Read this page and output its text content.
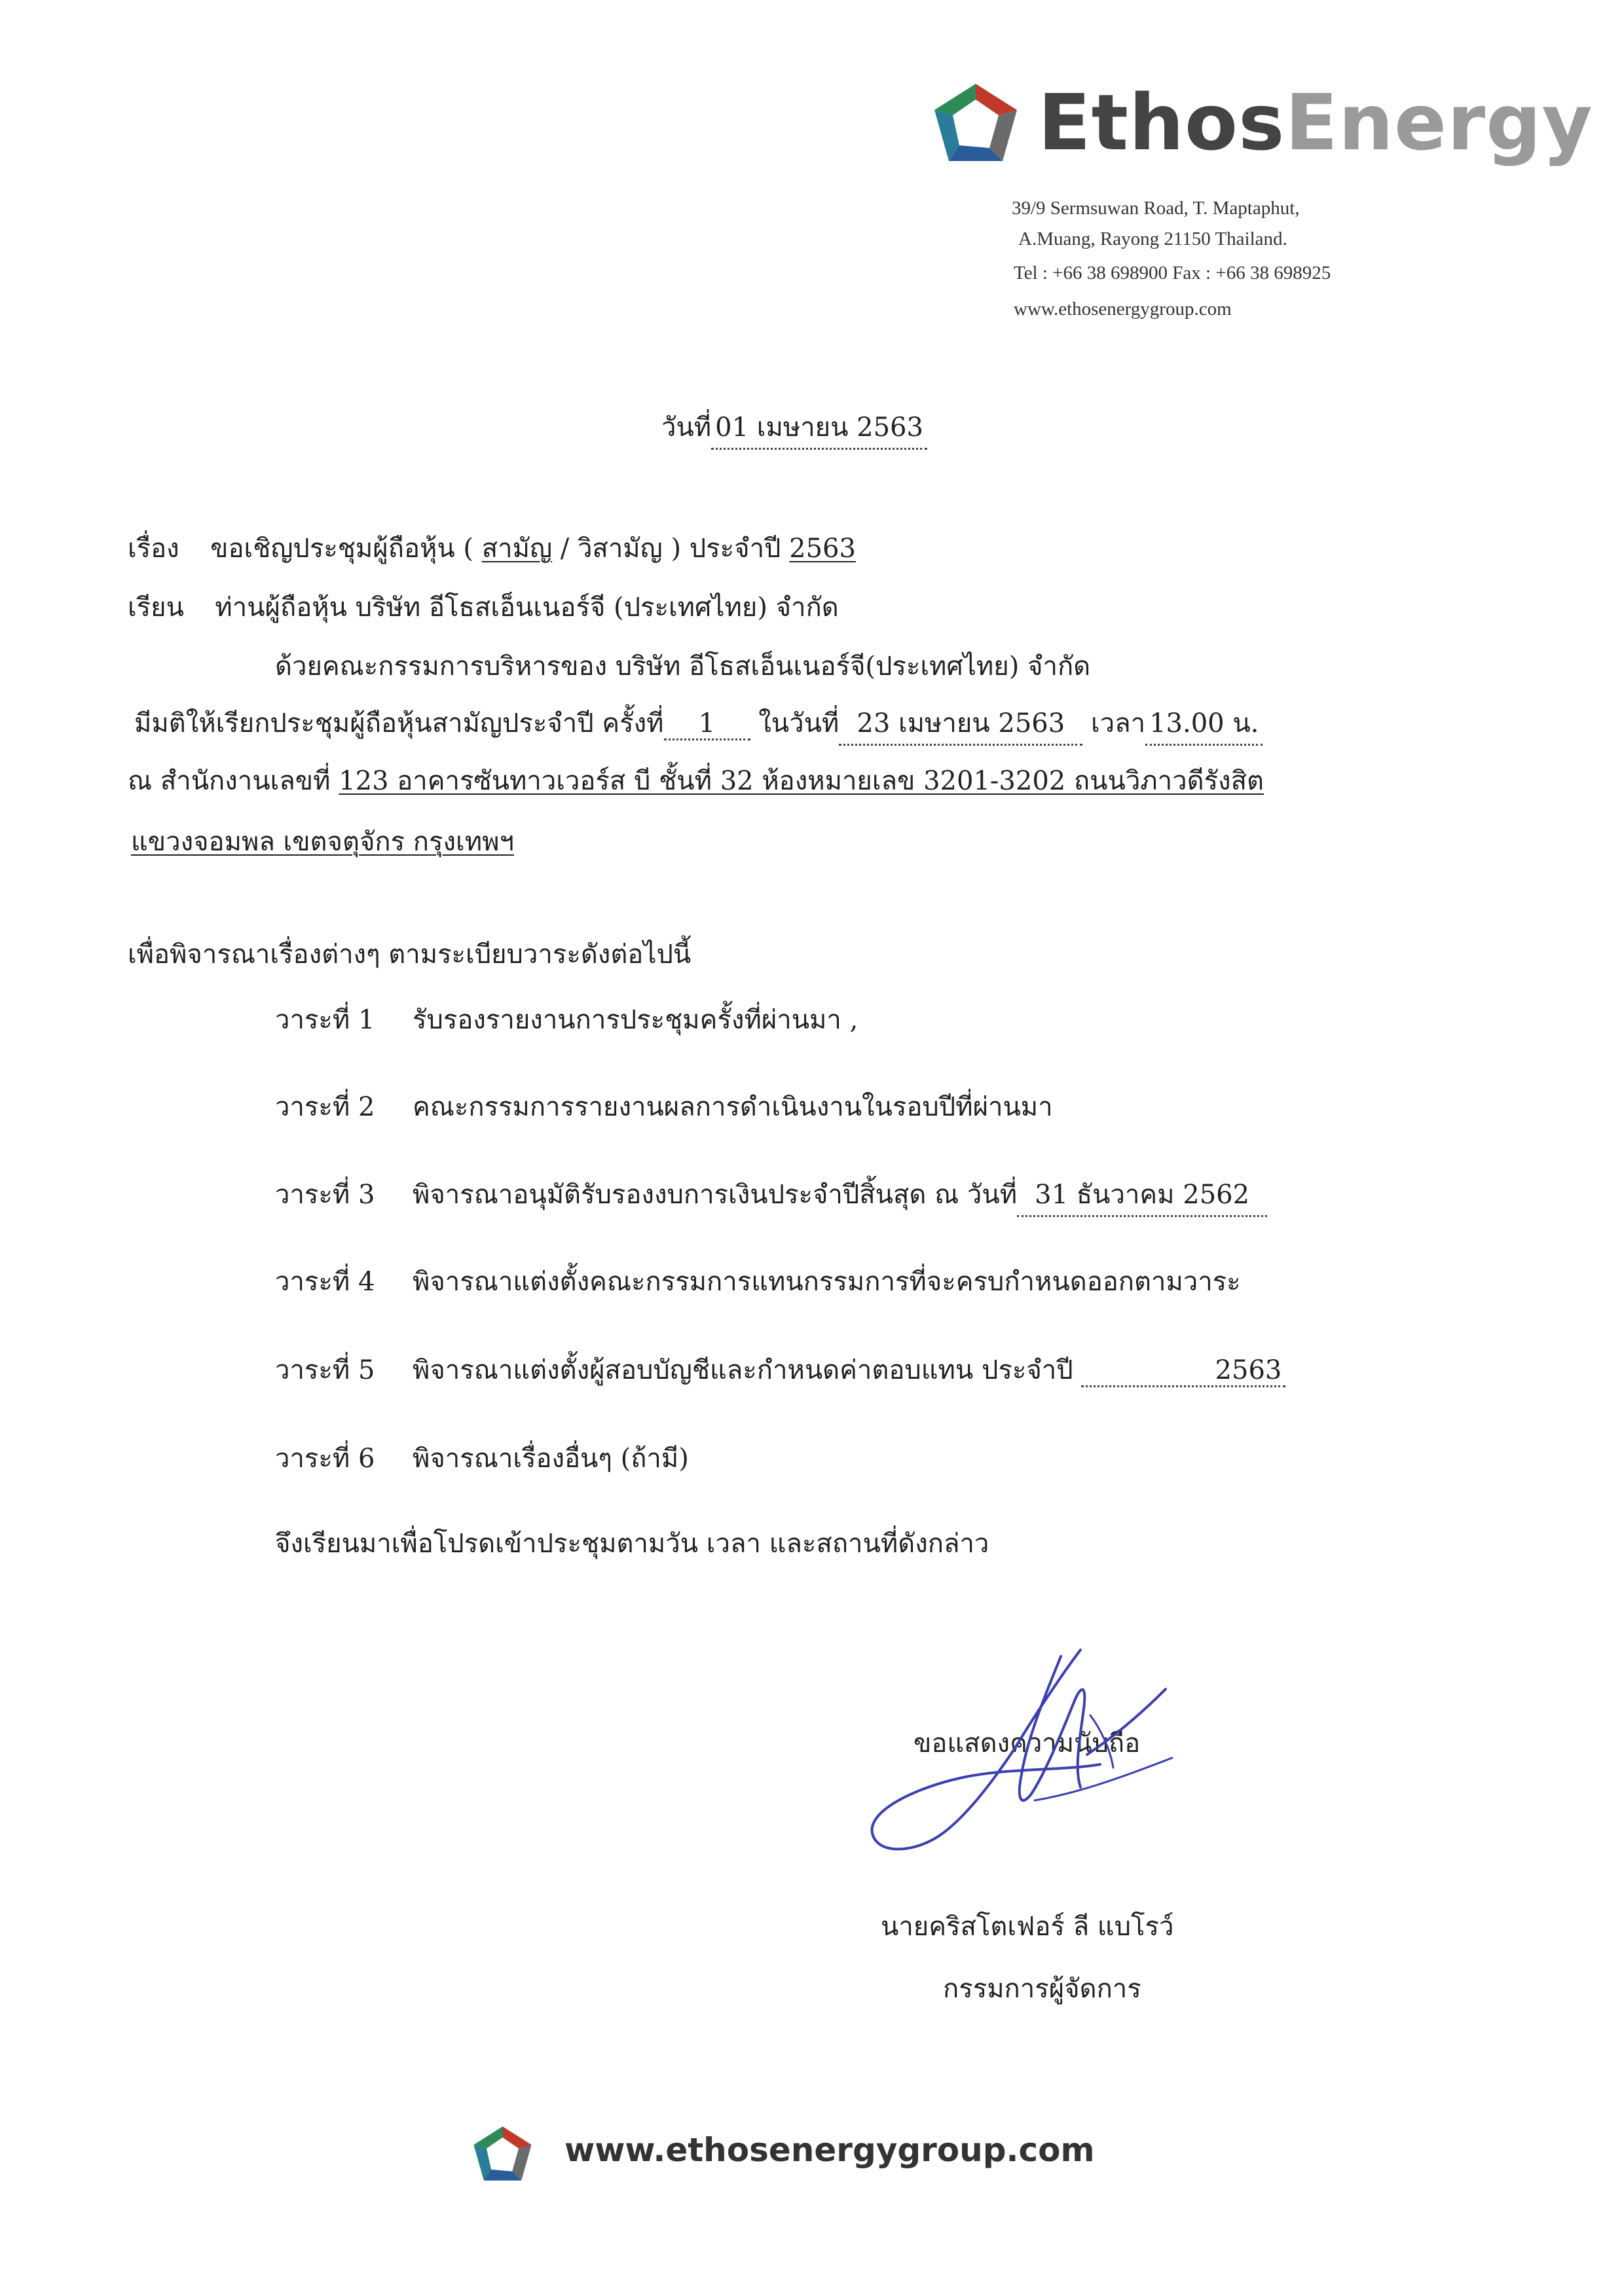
EthosEnergy
39/9 Sermsuwan Road, T. Maptaphut,
A.Muang, Rayong 21150 Thailand.
Tel : +66 38 698900 Fax : +66 38 698925
www.ethosenergygroup.com
วันที่ 01 เมษายน 2563
เรื่อง ขอเชิญประชุมผู้ถือหุ้น ( สามัญ / วิสามัญ ) ประจำปี 2563
เรียน ท่านผู้ถือหุ้น บริษัท อีโธสเอ็นเนอร์จี (ประเทศไทย) จำกัด
ด้วยคณะกรรมการบริหารของ บริษัท อีโธสเอ็นเนอร์จี(ประเทศไทย) จำกัด
มีมติให้เรียกประชุมผู้ถือหุ้นสามัญประจำปี ครั้งที่ 1 ในวันที่ 23 เมษายน 2563 เวลา 13.00 น.
ณ สำนักงานเลขที่ 123 อาคารซันทาวเวอร์ส บี ชั้นที่ 32 ห้องหมายเลข 3201-3202 ถนนวิภาวดีรังสิต
แขวงจอมพล เขตจตุจักร กรุงเทพฯ
เพื่อพิจารณาเรื่องต่างๆ ตามระเบียบวาระดังต่อไปนี้
วาระที่ 1 รับรองรายงานการประชุมครั้งที่ผ่านมา ,
วาระที่ 2 คณะกรรมการรายงานผลการดำเนินงานในรอบปีที่ผ่านมา
วาระที่ 3 พิจารณาอนุมัติรับรองงบการเงินประจำปีสิ้นสุด ณ วันที่ 31 ธันวาคม 2562
วาระที่ 4 พิจารณาแต่งตั้งคณะกรรมการแทนกรรมการที่จะครบกำหนดออกตามวาระ
วาระที่ 5 พิจารณาแต่งตั้งผู้สอบบัญชีและกำหนดค่าตอบแทน ประจำปี	2563
วาระที่ 6 พิจารณาเรื่องอื่นๆ (ถ้ามี)
จึงเรียนมาเพื่อโปรดเข้าประชุมตามวัน เวลา และสถานที่ดังกล่าว
ขอแสดงความนับถือ
นายคริสโตเฟอร์ ลี แบโรว์
กรรมการผู้จัดการ
www.ethosenergygroup.com
